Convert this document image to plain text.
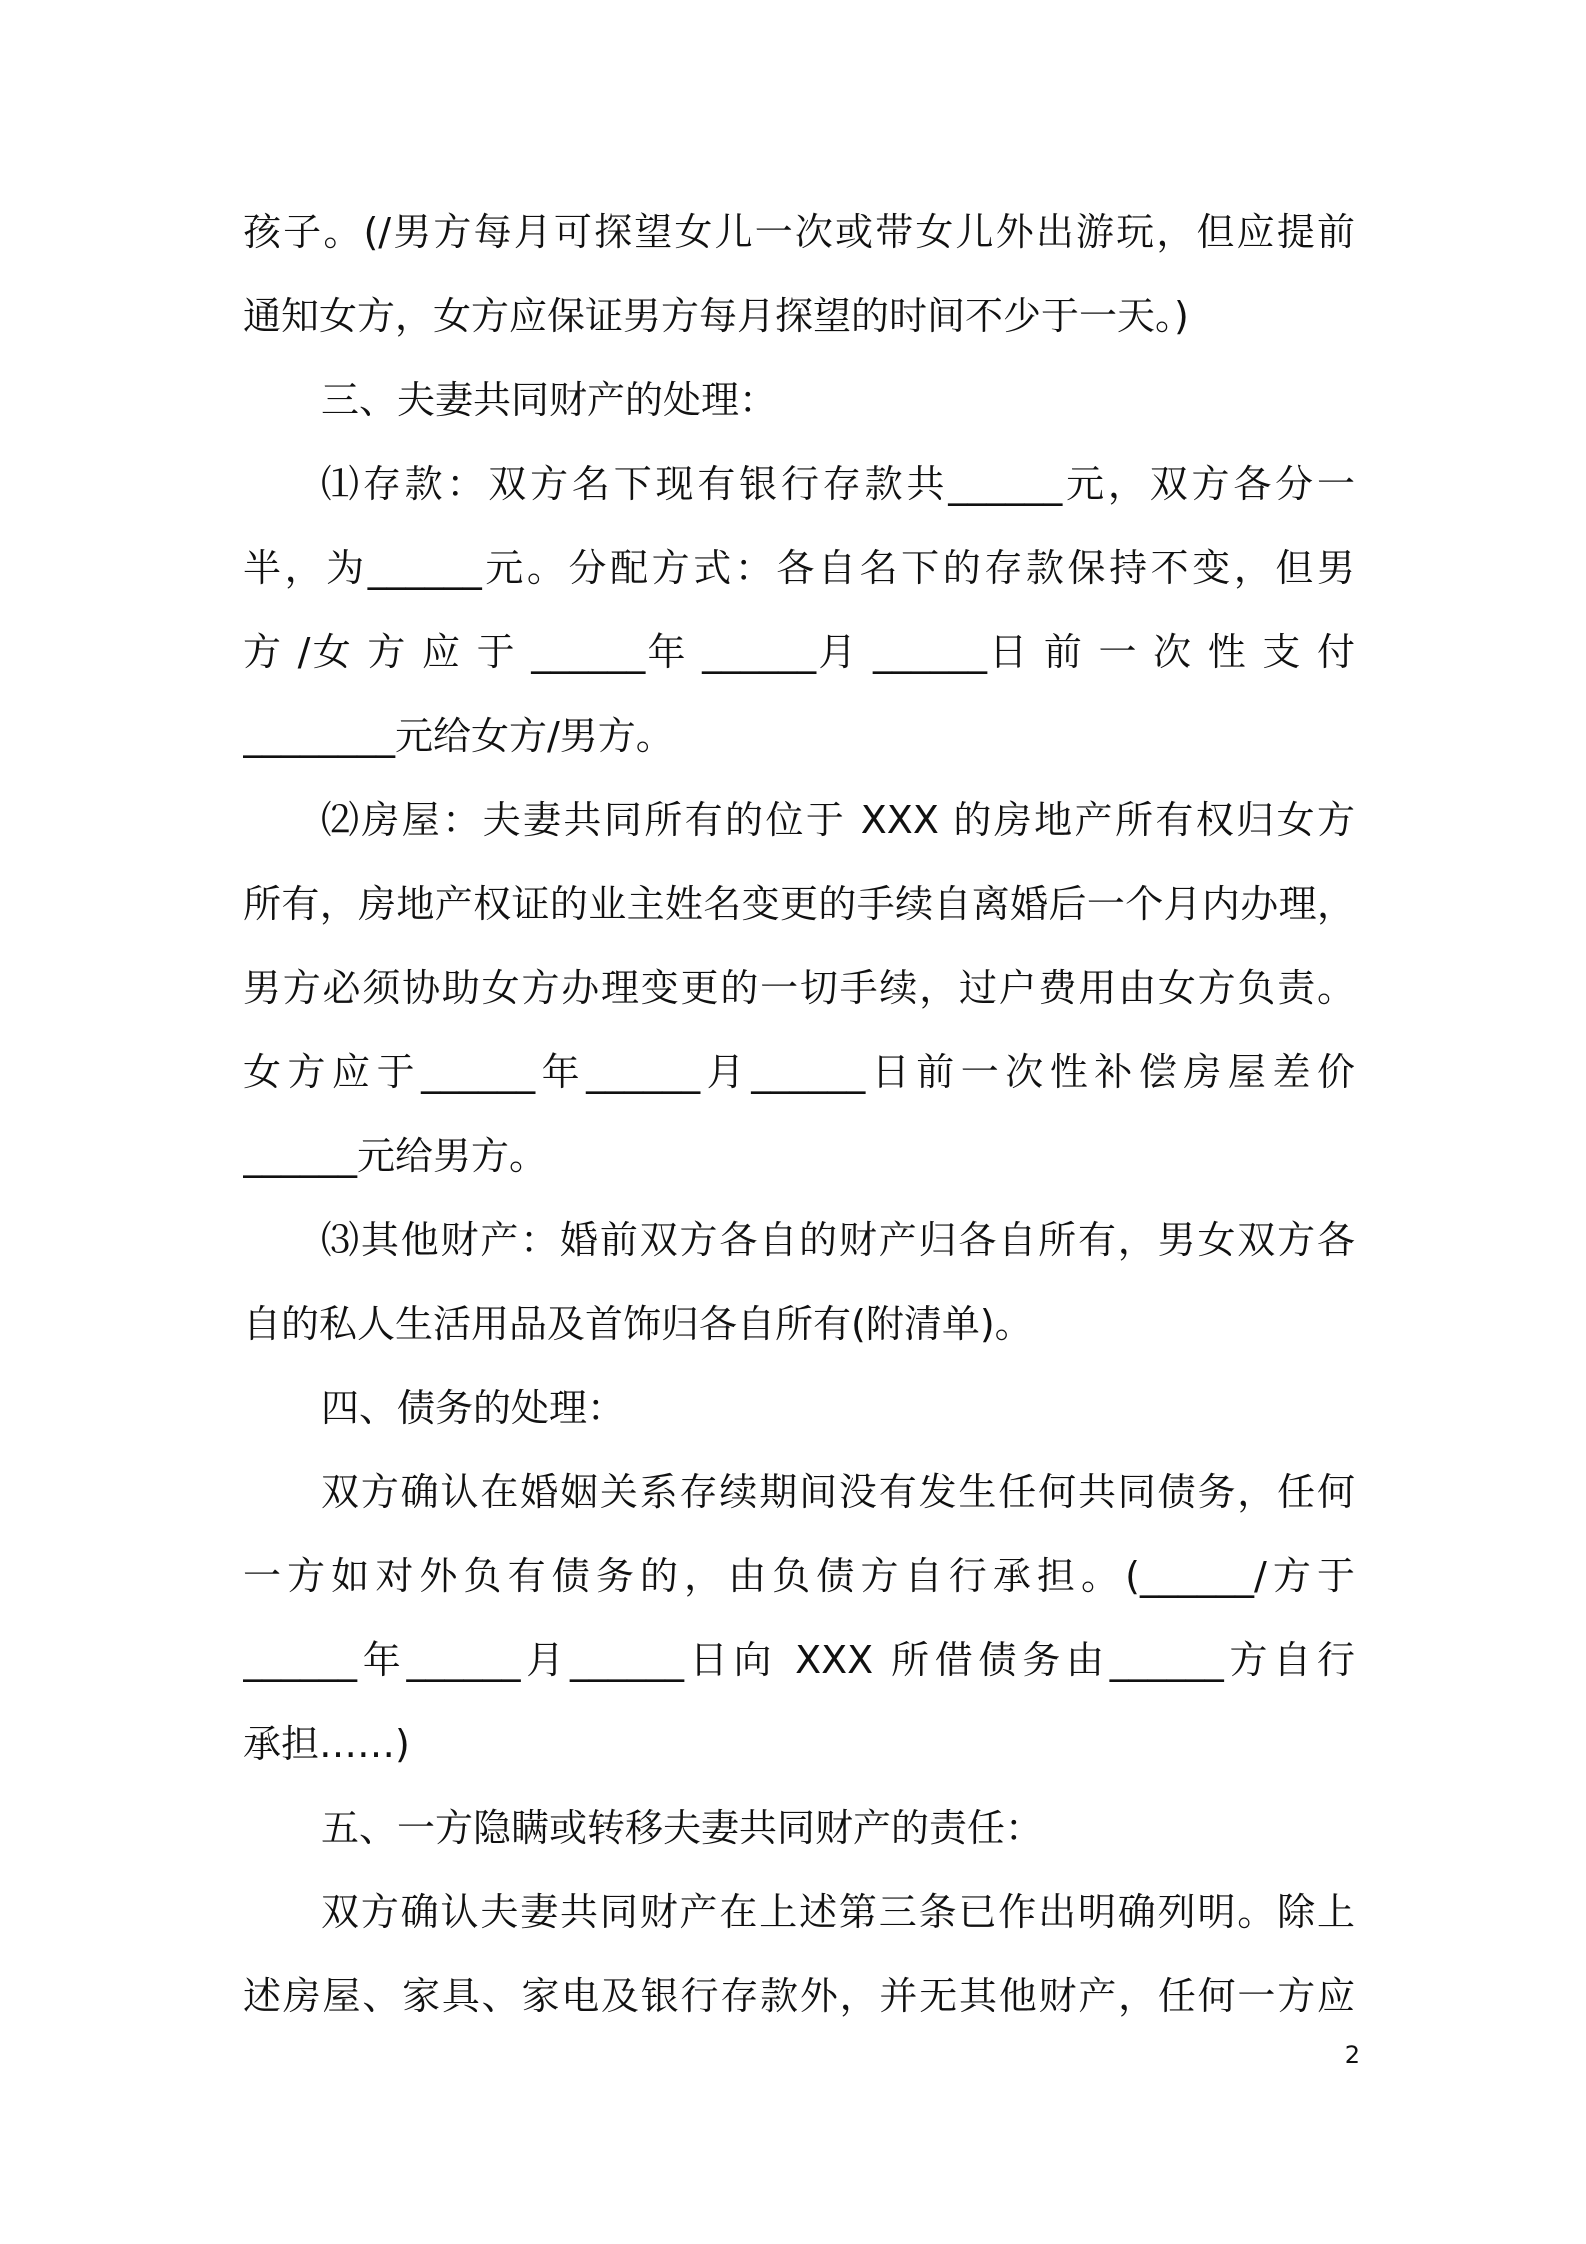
孩子。(/男方每月可探望女儿一次或带女儿外出游玩，但应提前
通知女方，女方应保证男方每月探望的时间不少于一天。)
三、夫妻共同财产的处理：
⑴存款：双方名下现有银行存款共______元，双方各分一
半，为______元。分配方式：各自名下的存款保持不变，但男
方 /女 方 应 于 ______年 ______月 ______日 前 一 次 性 支 付
________元给女方/男方。
⑵房屋：夫妻共同所有的位于 XXX 的房地产所有权归女方
所有，房地产权证的业主姓名变更的手续自离婚后一个月内办理，
男方必须协助女方办理变更的一切手续，过户费用由女方负责。
女方应于______年______月______日前一次性补偿房屋差价
______元给男方。
⑶其他财产：婚前双方各自的财产归各自所有，男女双方各
自的私人生活用品及首饰归各自所有(附清单)。
四、债务的处理：
双方确认在婚姻关系存续期间没有发生任何共同债务，任何
一方如对外负有债务的，由负债方自行承担。(______/方于
______年______月______日向 XXX 所借债务由______方自行
承担……)
五、一方隐瞒或转移夫妻共同财产的责任：
双方确认夫妻共同财产在上述第三条已作出明确列明。除上
述房屋、家具、家电及银行存款外，并无其他财产，任何一方应
2
